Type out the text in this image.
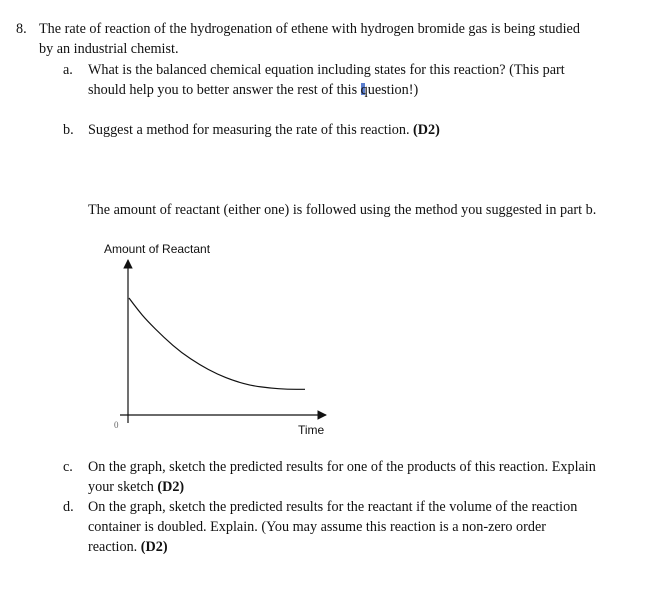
8. The rate of reaction of the hydrogenation of ethene with hydrogen bromide gas is being studied
by an industrial chemist.
a. What is the balanced chemical equation including states for this reaction? (This part
should help you to better answer the rest of this question!)
b. Suggest a method for measuring the rate of this reaction. (D2)
The amount of reactant (either one) is followed using the method you suggested in part b.
Amount of Reactant
Time
0
c. On the graph, sketch the predicted results for one of the products of this reaction. Explain
your sketch (D2)
d. On the graph, sketch the predicted results for the reactant if the volume of the reaction
container is doubled. Explain. (You may assume this reaction is a non-zero order
reaction. (D2)
